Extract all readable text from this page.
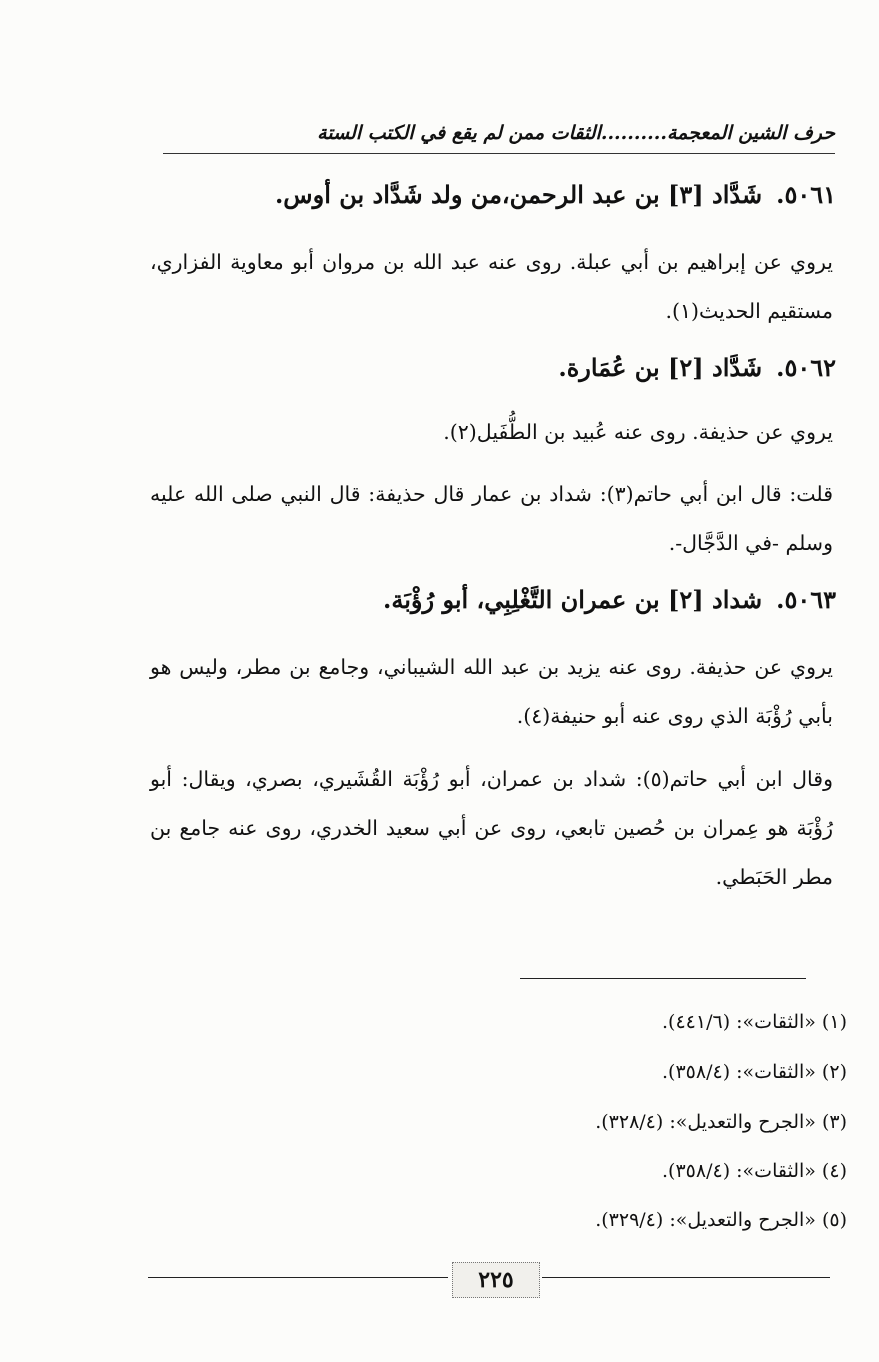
حرف الشين المعجمة..........الثقات ممن لم يقع في الكتب الستة
٥٠٦١.شَدَّاد [٣] بن عبد الرحمن،من ولد شَدَّاد بن أوس.
يروي عن إبراهيم بن أبي عبلة. روى عنه عبد الله بن مروان أبو معاوية الفزاري، مستقيم الحديث(١).
٥٠٦٢.شَدَّاد [٢] بن عُمَارة.
يروي عن حذيفة. روى عنه عُبيد بن الطُّفَيل(٢).
قلت: قال ابن أبي حاتم(٣): شداد بن عمار قال حذيفة: قال النبي صلى الله عليه وسلم -في الدَّجَّال-.
٥٠٦٣.شداد [٢] بن عمران التَّغْلِبِي، أبو رُؤْبَة.
يروي عن حذيفة. روى عنه يزيد بن عبد الله الشيباني، وجامع بن مطر، وليس هو بأبي رُؤْبَة الذي روى عنه أبو حنيفة(٤).
وقال ابن أبي حاتم(٥): شداد بن عمران، أبو رُؤْبَة القُشَيري، بصري، ويقال: أبو رُؤْبَة هو عِمران بن حُصين تابعي، روى عن أبي سعيد الخدري، روى عنه جامع بن مطر الحَبَطي.
(١) «الثقات»: (٤٤١/٦).
(٢) «الثقات»: (٣٥٨/٤).
(٣) «الجرح والتعديل»: (٣٢٨/٤).
(٤) «الثقات»: (٣٥٨/٤).
(٥) «الجرح والتعديل»: (٣٢٩/٤).
٢٢٥
